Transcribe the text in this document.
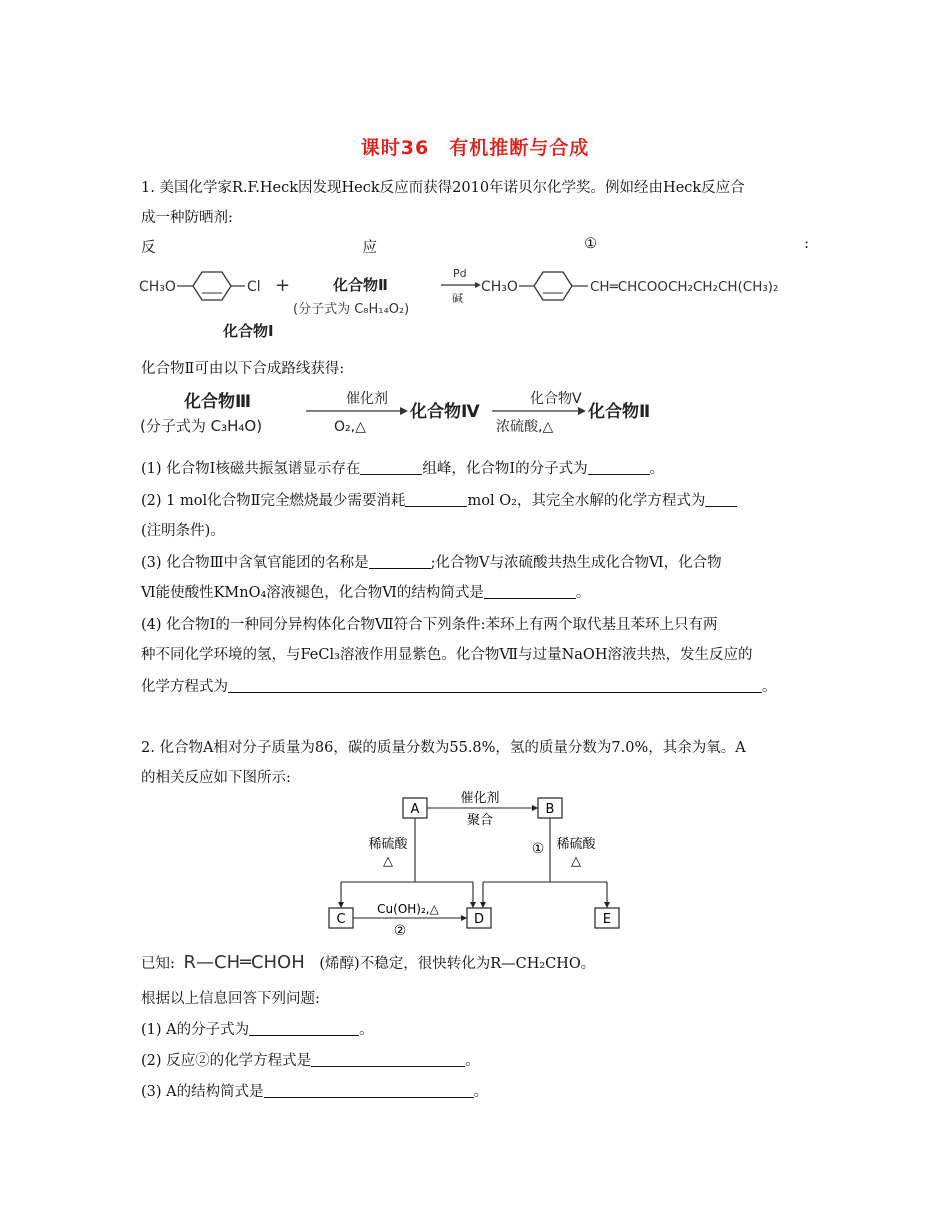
课时36　有机推断与合成
1. 美国化学家R.F.Heck因发现Heck反应而获得2010年诺贝尔化学奖。例如经由Heck反应合
成一种防晒剂:
反	应	①	:
CH₃O	Cl +	化合物Ⅱ
(分子式为 C₈H₁₄O₂)
Pd
碱
CH₃O	CH═CHCOOCH₂CH₂CH(CH₃)₂
化合物Ⅰ
化合物Ⅱ可由以下合成路线获得:
化合物Ⅲ
(分子式为 C₃H₄O)
催化剂
O₂,△
化合物Ⅳ
化合物Ⅴ
浓硫酸,△
化合物Ⅱ
(1) 化合物Ⅰ核磁共振氢谱显示存在	组峰，化合物Ⅰ的分子式为	。
(2) 1 mol化合物Ⅱ完全燃烧最少需要消耗	mol O₂，其完全水解的化学方程式为
(注明条件)。
(3) 化合物Ⅲ中含氧官能团的名称是	;化合物Ⅴ与浓硫酸共热生成化合物Ⅵ，化合物
Ⅵ能使酸性KMnO₄溶液褪色，化合物Ⅵ的结构简式是	。
(4) 化合物Ⅰ的一种同分异构体化合物Ⅶ符合下列条件:苯环上有两个取代基且苯环上只有两
种不同化学环境的氢，与FeCl₃溶液作用显紫色。化合物Ⅶ与过量NaOH溶液共热，发生反应的
化学方程式为	。
2. 化合物A相对分子质量为86，碳的质量分数为55.8%，氢的质量分数为7.0%，其余为氧。A
的相关反应如下图所示:
A	B
C	D	E
催化剂
聚合
稀硫酸
△
① 稀硫酸
△
Cu(OH)₂,△
②
已知: R—CH═CHOH (烯醇)不稳定，很快转化为R—CH₂CHO。
根据以上信息回答下列问题:
(1) A的分子式为	。
(2) 反应②的化学方程式是	。
(3) A的结构简式是	。
